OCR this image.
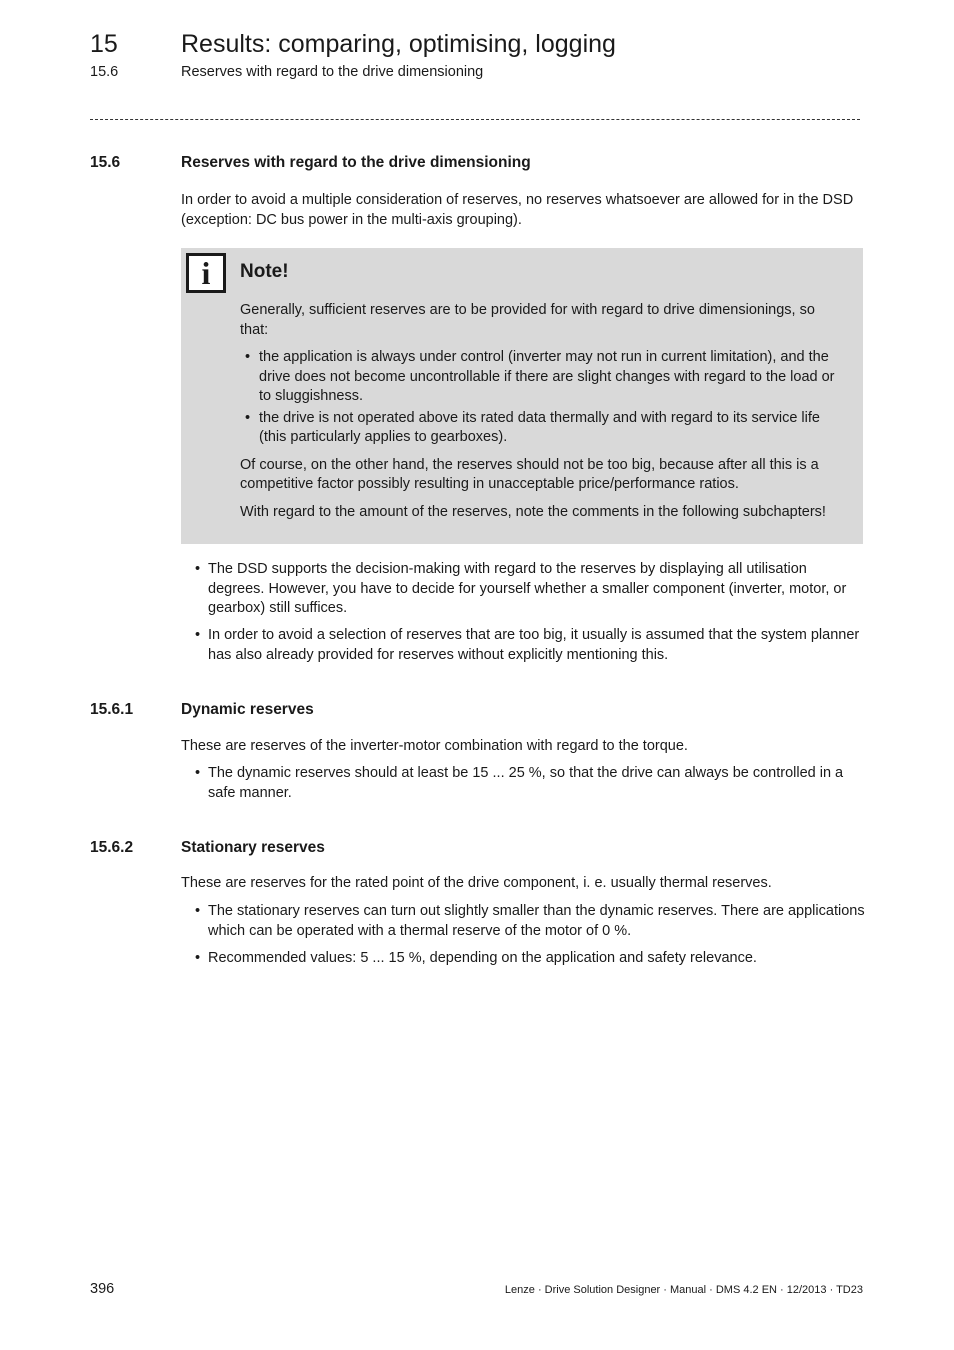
15	Results: comparing, optimising, logging
15.6	Reserves with regard to the drive dimensioning
15.6	Reserves with regard to the drive dimensioning

In order to avoid a multiple consideration of reserves, no reserves whatsoever are allowed for in the DSD (exception: DC bus power in the multi-axis grouping).

i	Note!

Generally, sufficient reserves are to be provided for with regard to drive dimensionings, so that:

• the application is always under control (inverter may not run in current limitation), and the drive does not become uncontrollable if there are slight changes with regard to the load or to sluggishness.
• the drive is not operated above its rated data thermally and with regard to its service life (this particularly applies to gearboxes).

Of course, on the other hand, the reserves should not be too big, because after all this is a competitive factor possibly resulting in unacceptable price/performance ratios.

With regard to the amount of the reserves, note the comments in the following subchapters!

• The DSD supports the decision-making with regard to the reserves by displaying all utilisation degrees. However, you have to decide for yourself whether a smaller component (inverter, motor, or gearbox) still suffices.
• In order to avoid a selection of reserves that are too big, it usually is assumed that the system planner has also already provided for reserves without explicitly mentioning this.
15.6.1	Dynamic reserves

These are reserves of the inverter-motor combination with regard to the torque.

• The dynamic reserves should at least be 15 ... 25 %, so that the drive can always be controlled in a safe manner.
15.6.2	Stationary reserves

These are reserves for the rated point of the drive component, i. e. usually thermal reserves.

• The stationary reserves can turn out slightly smaller than the dynamic reserves. There are applications which can be operated with a thermal reserve of the motor of 0 %.
• Recommended values: 5 ... 15 %, depending on the application and safety relevance.
396	Lenze · Drive Solution Designer · Manual · DMS 4.2 EN · 12/2013 · TD23
